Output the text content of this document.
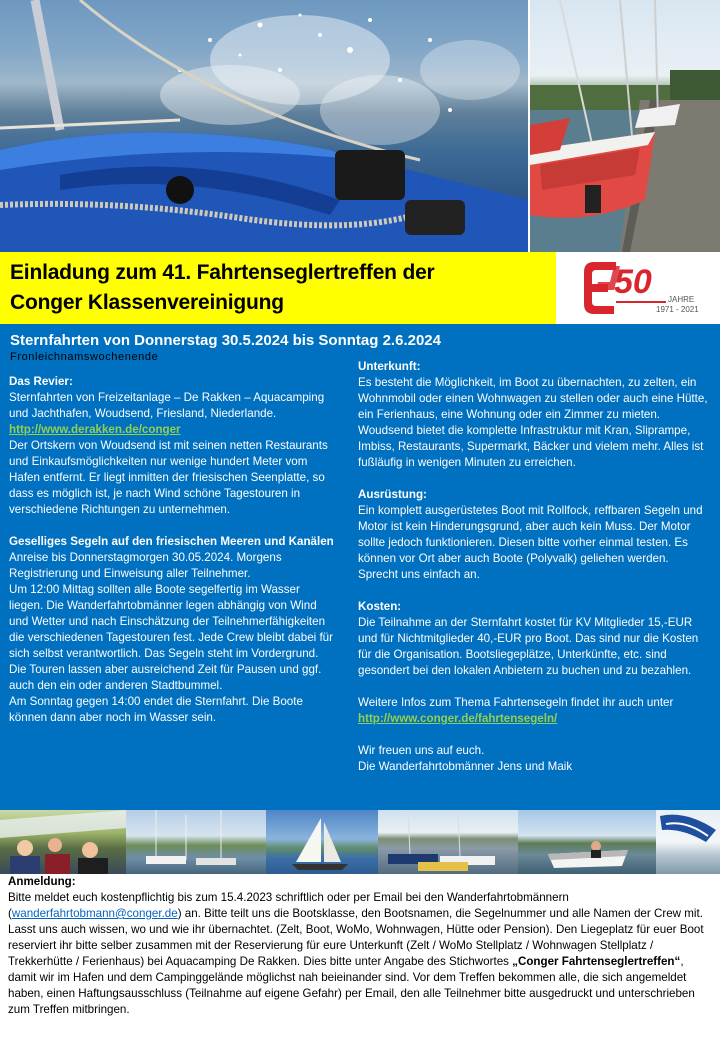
Einladung zum 41. Fahrtenseglertreffen der
Conger Klassenvereinigung
50 JAHRE
1971 - 2021
Sternfahrten von Donnerstag 30.5.2024 bis Sonntag 2.6.2024
Fronleichnamswochenende
Das Revier:

Sternfahrten von Freizeitanlage – De Rakken – Aquacamping und Jachthafen, Woudsend, Friesland, Niederlande.

http://www.derakken.de/conger

Der Ortskern von Woudsend ist mit seinen netten Restaurants und Einkaufsmöglichkeiten nur wenige hundert Meter vom Hafen entfernt. Er liegt inmitten der friesischen Seenplatte, so dass es möglich ist, je nach Wind schöne Tagestouren in verschiedene Richtungen zu unternehmen.

Geselliges Segeln auf den friesischen Meeren und Kanälen

Anreise bis Donnerstagmorgen 30.05.2024. Morgens Registrierung und Einweisung aller Teilnehmer.

Um 12:00 Mittag sollten alle Boote segelfertig im Wasser liegen. Die Wanderfahrtobmänner legen abhängig von Wind und Wetter und nach Einschätzung der Teilnehmerfähigkeiten die verschiedenen Tagestouren fest. Jede Crew bleibt dabei für sich selbst verantwortlich. Das Segeln steht im Vordergrund. Die Touren lassen aber ausreichend Zeit für Pausen und ggf. auch den ein oder anderen Stadtbummel.

Am Sonntag gegen 14:00 endet die Sternfahrt. Die Boote können dann aber noch im Wasser sein.

Unterkunft:

Es besteht die Möglichkeit, im Boot zu übernachten, zu zelten, ein Wohnmobil oder einen Wohnwagen zu stellen oder auch eine Hütte, ein Ferienhaus, eine Wohnung oder ein Zimmer zu mieten. Woudsend bietet die komplette Infrastruktur mit Kran, Sliprampe, Imbiss, Restaurants, Supermarkt, Bäcker und vielem mehr. Alles ist fußläufig in wenigen Minuten zu erreichen.

Ausrüstung:

Ein komplett ausgerüstetes Boot mit Rollfock, reffbaren Segeln und Motor ist kein Hinderungsgrund, aber auch kein Muss. Der Motor sollte jedoch funktionieren. Diesen bitte vorher einmal testen. Es können vor Ort aber auch Boote (Polyvalk) geliehen werden. Sprecht uns einfach an.

Kosten:

Die Teilnahme an der Sternfahrt kostet für KV Mitglieder 15,-EUR und für Nichtmitglieder 40,-EUR pro Boot. Das sind nur die Kosten für die Organisation. Bootsliegeplätze, Unterkünfte, etc. sind gesondert bei den lokalen Anbietern zu buchen und zu bezahlen.

Weitere Infos zum Thema Fahrtensegeln findet ihr auch unter http://www.conger.de/fahrtensegeln/

Wir freuen uns auf euch.

Die Wanderfahrtobmänner Jens und Maik

Anmeldung:
Bitte meldet euch kostenpflichtig bis zum 15.4.2023 schriftlich oder per Email bei den Wanderfahrtobmännern (wanderfahrtobmann@conger.de) an. Bitte teilt uns die Bootsklasse, den Bootsnamen, die Segelnummer und alle Namen der Crew mit. Lasst uns auch wissen, wo und wie ihr übernachtet. (Zelt, Boot, WoMo, Wohnwagen, Hütte oder Pension). Den Liegeplatz für euer Boot reserviert ihr bitte selber zusammen mit der Reservierung für eure Unterkunft (Zelt / WoMo Stellplatz / Wohnwagen Stellplatz / Trekkerhütte / Ferienhaus) bei Aquacamping De Rakken. Dies bitte unter Angabe des Stichwortes „Conger Fahrtenseglertreffen“, damit wir im Hafen und dem Campinggelände möglichst nah beieinander sind. Vor dem Treffen bekommen alle, die sich angemeldet haben, einen Haftungsausschluss (Teilnahme auf eigene Gefahr) per Email, den alle Teilnehmer bitte ausgedruckt und unterschrieben zum Treffen mitbringen.
